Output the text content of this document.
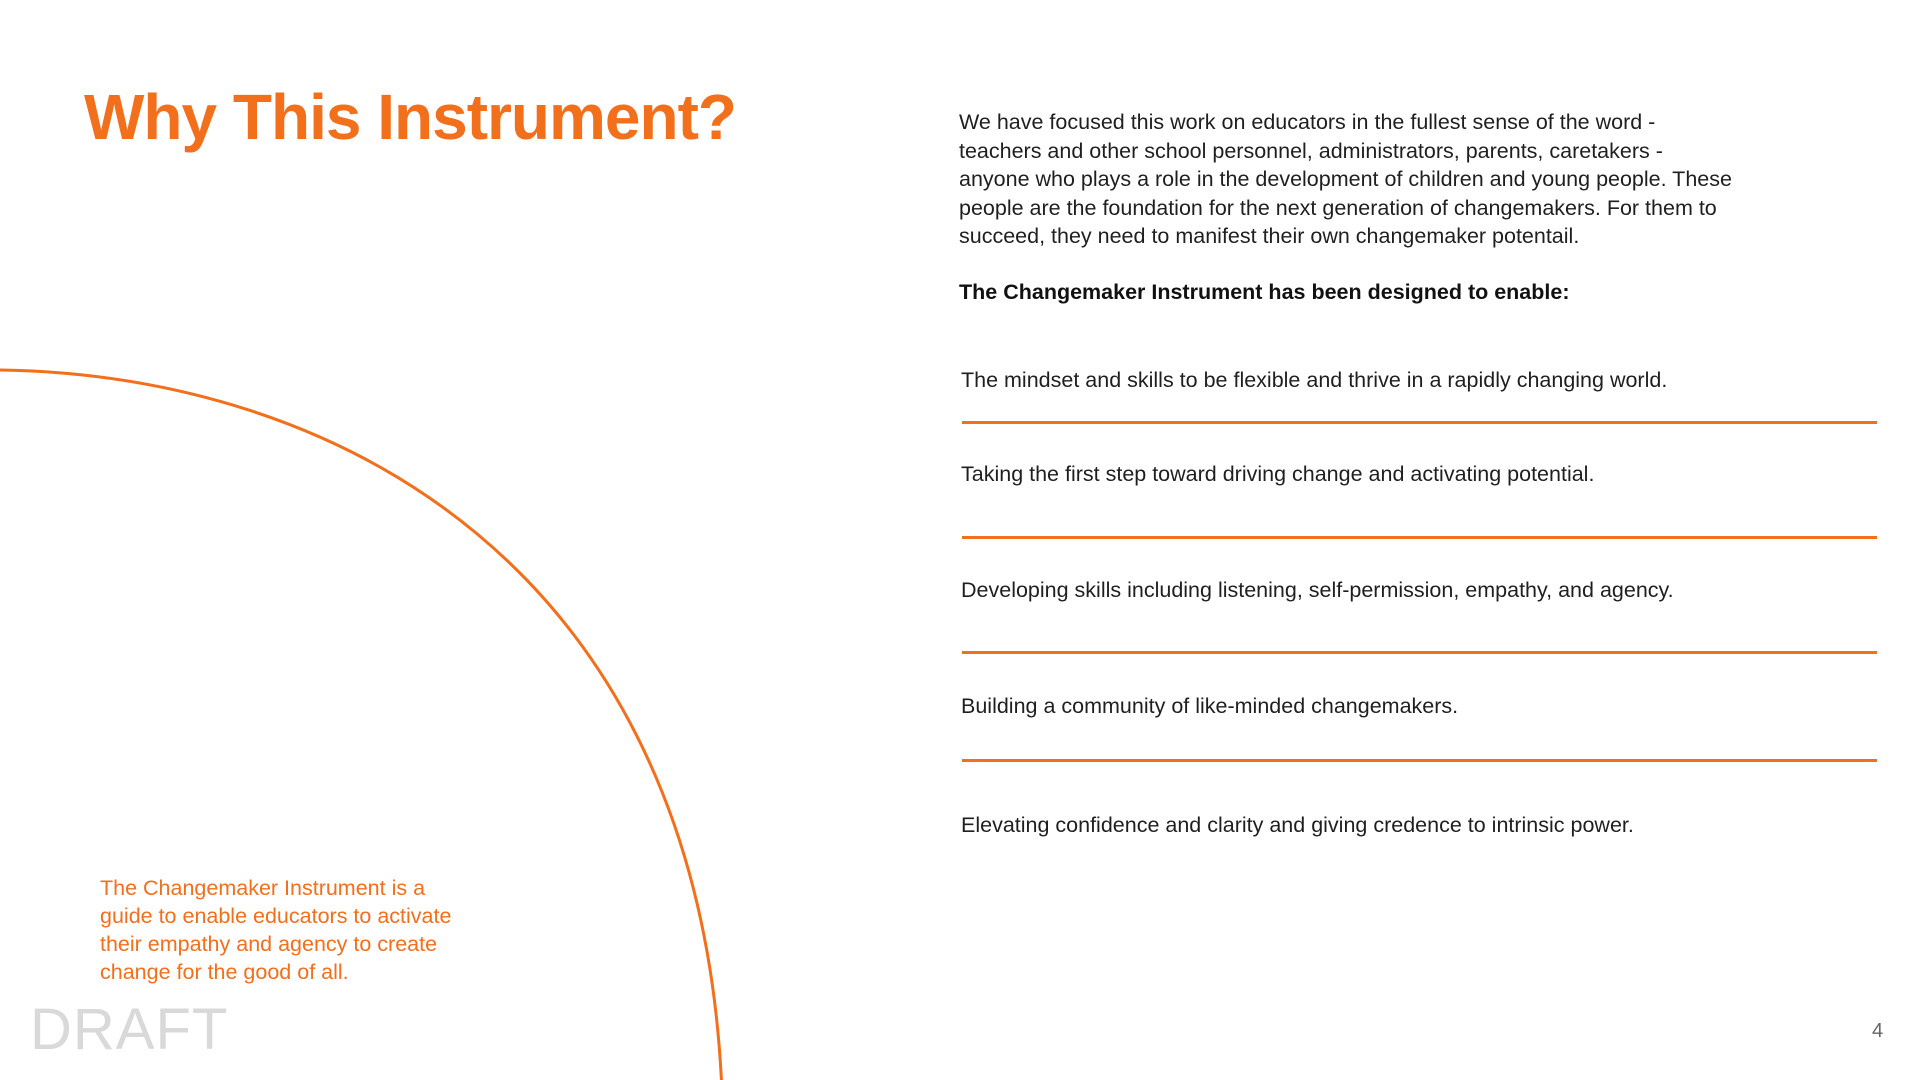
Why This Instrument?	We have focused this work on educators in the fullest sense of the word -
teachers and other school personnel, administrators, parents, caretakers -
anyone who plays a role in the development of children and young people. These
people are the foundation for the next generation of changemakers. For them to
succeed, they need to manifest their own changemaker potentail.

The Changemaker Instrument has been designed to enable:

The mindset and skills to be flexible and thrive in a rapidly changing world.

Taking the first step toward driving change and activating potential.

Developing skills including listening, self-permission, empathy, and agency.

Building a community of like-minded changemakers.

Elevating confidence and clarity and giving credence to intrinsic power.

The Changemaker Instrument is a
guide to enable educators to activate
their empathy and agency to create
change for the good of all.

DRAFT	4
